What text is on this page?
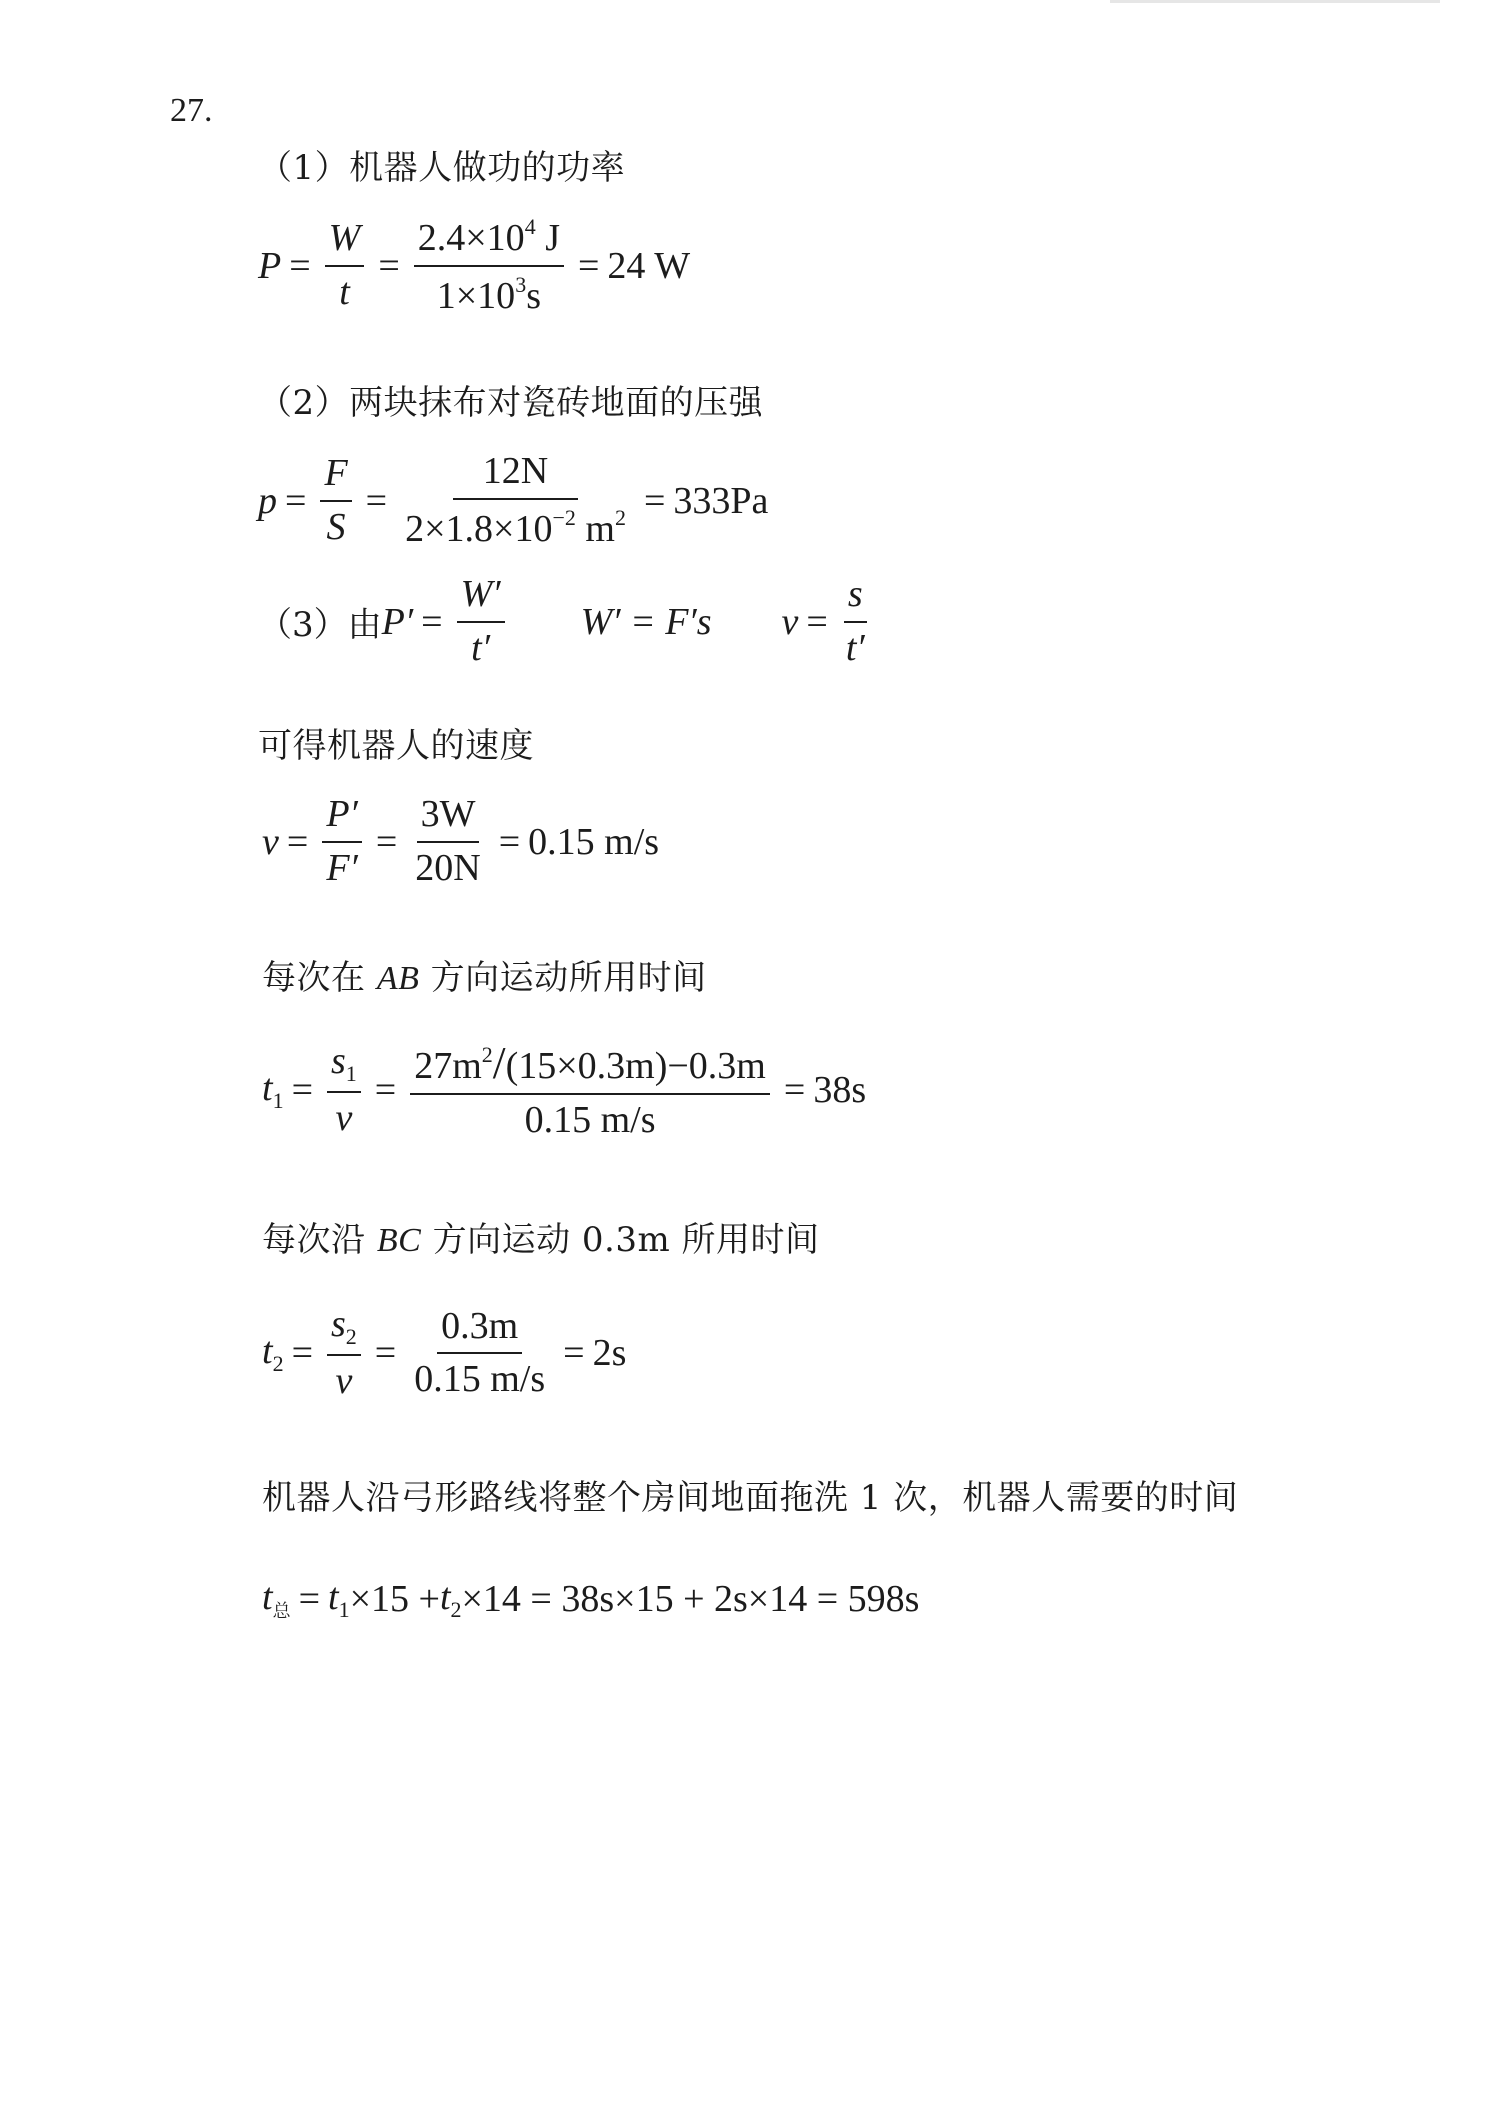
27.
（1）机器人做功的功率
$P = \frac{W}{t} = \frac{2.4\times 10^4 J}{1\times 10^3s} = 24$ W
（2）两块抹布对瓷砖地面的压强
$p = \frac{F}{S} = \frac{12N}{2\times 1.8\times 10^{-2} m^2} = 333Pa$
（3）由 $P' = \frac{W'}{t'} W' = F's$ $v = \frac{s}{t'}$
可得机器人的速度
$v = \frac{P'}{F'} = \frac{3W}{20N} = 0.15$ m/s
每次在 AB 方向运动所用时间
$t_1 = \frac{s_1}{v} = \frac{27m^2/(15\times 0.3m)-0.3m}{0.15 m/s} = 38s$
每次沿 BC 方向运动 0.3m 所用时间
$t_2 = \frac{s_2}{v} = \frac{0.3m}{0.15 m/s} = 2s$
机器人沿弓形路线将整个房间地面拖洗 1 次，机器人需要的时间
$t_总 = t_1 \times 15 + t_2 \times 14 = 38s\times 15 + 2s\times 14 = 598s$
